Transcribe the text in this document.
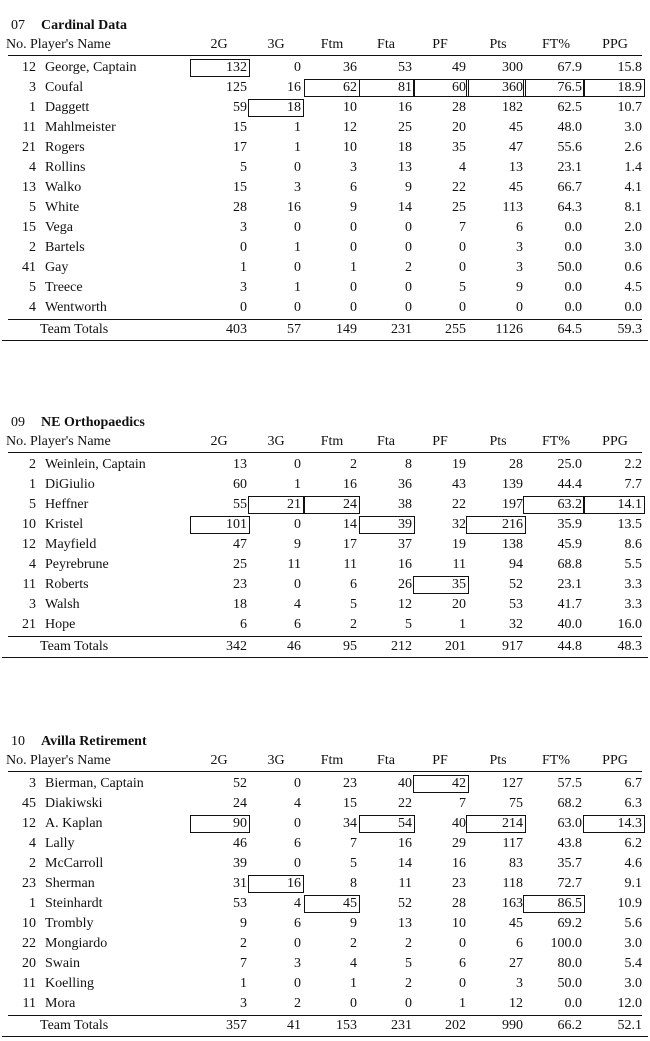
07 Cardinal Data
No. Player's Name	2G	3G	Ftm	Fta	PF	Pts	FT%	PPG
12 George, Captain	132	0	36	53	49	300	67.9	15.8
3 Coufal	125	16	62	81	60	360	76.5	18.9
1 Daggett	59	18	10	16	28	182	62.5	10.7
11 Mahlmeister	15	1	12	25	20	45	48.0	3.0
21 Rogers	17	1	10	18	35	47	55.6	2.6
4 Rollins	5	0	3	13	4	13	23.1	1.4
13 Walko	15	3	6	9	22	45	66.7	4.1
5 White	28	16	9	14	25	113	64.3	8.1
15 Vega	3	0	0	0	7	6	0.0	2.0
2 Bartels	0	1	0	0	0	3	0.0	3.0
41 Gay	1	0	1	2	0	3	50.0	0.6
5 Treece	3	1	0	0	5	9	0.0	4.5
4 Wentworth	0	0	0	0	0	0	0.0	0.0
Team Totals	403	57	149	231	255	1126	64.5	59.3
09 NE Orthopaedics
No. Player's Name	2G	3G	Ftm	Fta	PF	Pts	FT%	PPG
2 Weinlein, Captain	13	0	2	8	19	28	25.0	2.2
1 DiGiulio	60	1	16	36	43	139	44.4	7.7
5 Heffner	55	21	24	38	22	197	63.2	14.1
10 Kristel	101	0	14	39	32	216	35.9	13.5
12 Mayfield	47	9	17	37	19	138	45.9	8.6
4 Peyrebrune	25	11	11	16	11	94	68.8	5.5
11 Roberts	23	0	6	26	35	52	23.1	3.3
3 Walsh	18	4	5	12	20	53	41.7	3.3
21 Hope	6	6	2	5	1	32	40.0	16.0
Team Totals	342	46	95	212	201	917	44.8	48.3
10 Avilla Retirement
No. Player's Name	2G	3G	Ftm	Fta	PF	Pts	FT%	PPG
3 Bierman, Captain	52	0	23	40	42	127	57.5	6.7
45 Diakiwski	24	4	15	22	7	75	68.2	6.3
12 A. Kaplan	90	0	34	54	40	214	63.0	14.3
4 Lally	46	6	7	16	29	117	43.8	6.2
2 McCarroll	39	0	5	14	16	83	35.7	4.6
23 Sherman	31	16	8	11	23	118	72.7	9.1
1 Steinhardt	53	4	45	52	28	163	86.5	10.9
10 Trombly	9	6	9	13	10	45	69.2	5.6
22 Mongiardo	2	0	2	2	0	6	100.0	3.0
20 Swain	7	3	4	5	6	27	80.0	5.4
11 Koelling	1	0	1	2	0	3	50.0	3.0
11 Mora	3	2	0	0	1	12	0.0	12.0
Team Totals	357	41	153	231	202	990	66.2	52.1
